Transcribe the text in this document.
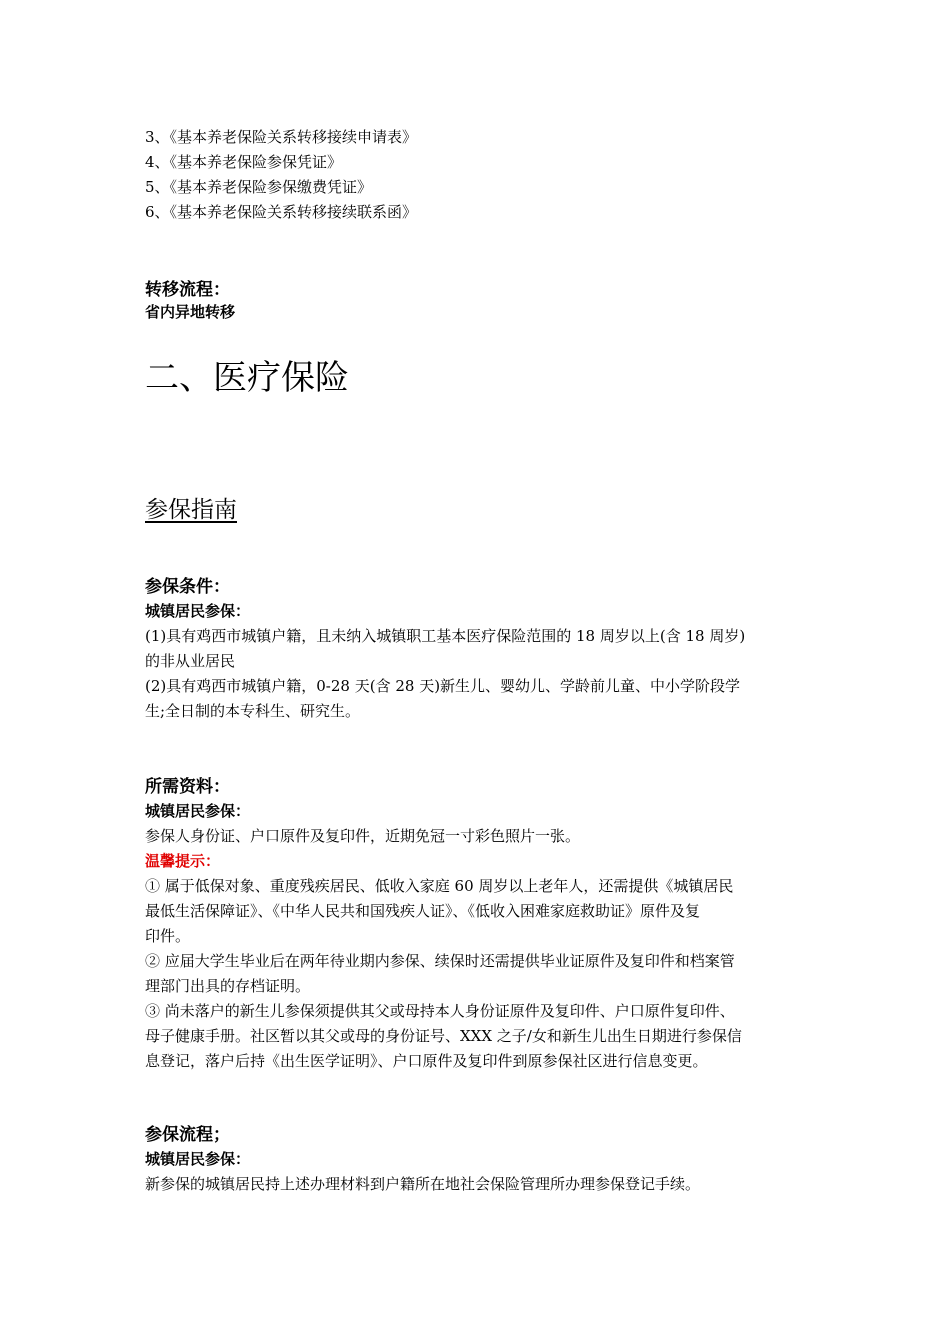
3、《基本养老保险关系转移接续申请表》
4、《基本养老保险参保凭证》
5、《基本养老保险参保缴费凭证》
6、《基本养老保险关系转移接续联系函》
转移流程：
省内异地转移
二、医疗保险
参保指南
参保条件：
城镇居民参保：
(1)具有鸡西市城镇户籍，且未纳入城镇职工基本医疗保险范围的 18 周岁以上(含 18 周岁)
的非从业居民
(2)具有鸡西市城镇户籍，0-28 天(含 28 天)新生儿、婴幼儿、学龄前儿童、中小学阶段学
生;全日制的本专科生、研究生。
所需资料：
城镇居民参保：
参保人身份证、户口原件及复印件，近期免冠一寸彩色照片一张。
温馨提示：
① 属于低保对象、重度残疾居民、低收入家庭 60 周岁以上老年人，还需提供《城镇居民
最低生活保障证》、《中华人民共和国残疾人证》、《低收入困难家庭救助证》原件及复
印件。
② 应届大学生毕业后在两年待业期内参保、续保时还需提供毕业证原件及复印件和档案管
理部门出具的存档证明。
③ 尚未落户的新生儿参保须提供其父或母持本人身份证原件及复印件、户口原件复印件、
母子健康手册。社区暂以其父或母的身份证号、XXX 之子/女和新生儿出生日期进行参保信
息登记，落户后持《出生医学证明》、户口原件及复印件到原参保社区进行信息变更。
参保流程；
城镇居民参保：
新参保的城镇居民持上述办理材料到户籍所在地社会保险管理所办理参保登记手续。
